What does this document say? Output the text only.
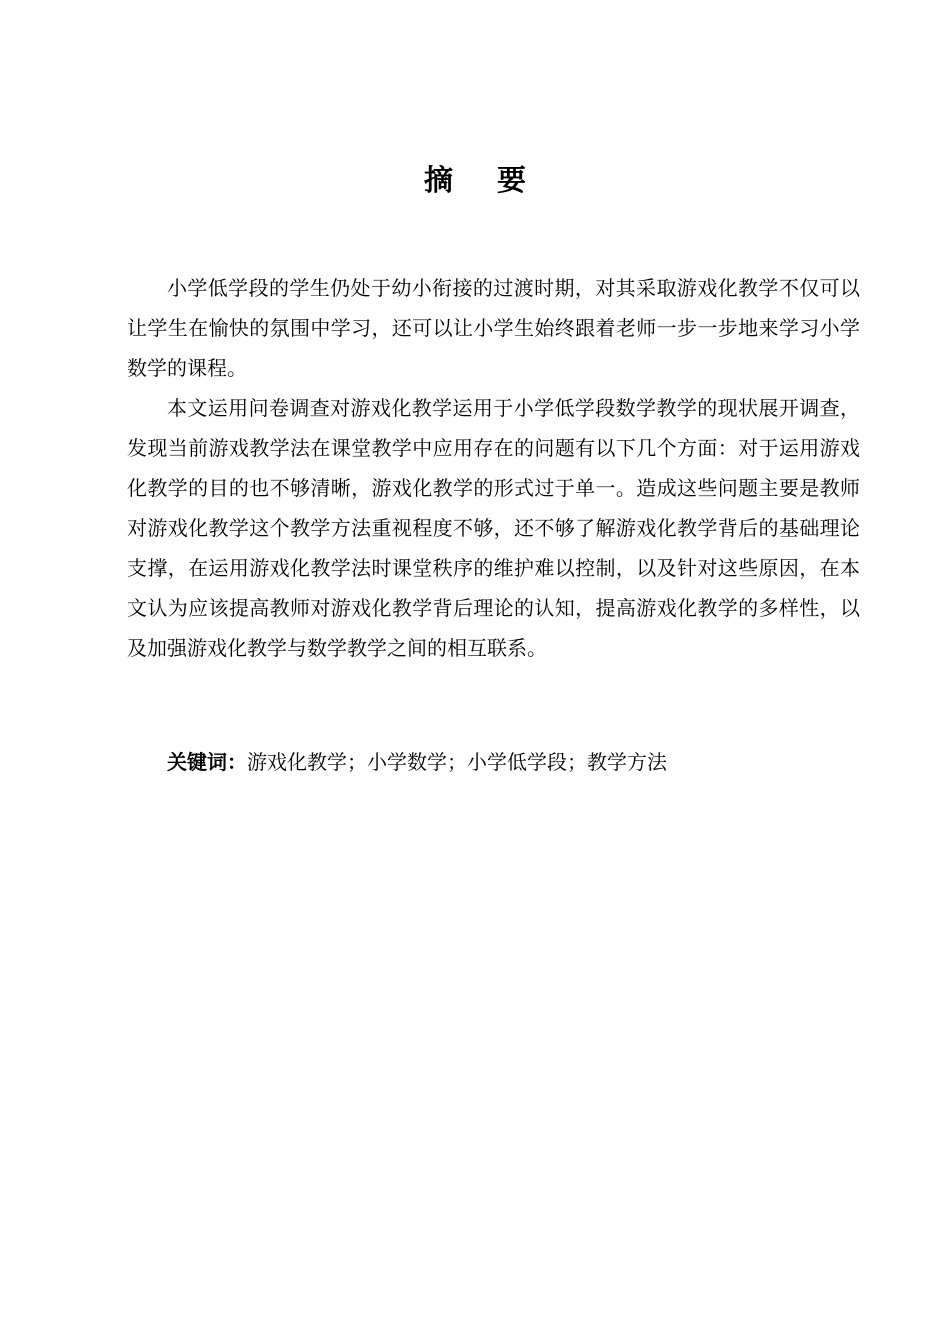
摘要

小学低学段的学生仍处于幼小衔接的过渡时期，对其采取游戏化教学不仅可以让学生在愉快的氛围中学习，还可以让小学生始终跟着老师一步一步地来学习小学数学的课程。

本文运用问卷调查对游戏化教学运用于小学低学段数学教学的现状展开调查，发现当前游戏教学法在课堂教学中应用存在的问题有以下几个方面：对于运用游戏化教学的目的也不够清晰，游戏化教学的形式过于单一。造成这些问题主要是教师对游戏化教学这个教学方法重视程度不够，还不够了解游戏化教学背后的基础理论支撑，在运用游戏化教学法时课堂秩序的维护难以控制，以及针对这些原因，在本文认为应该提高教师对游戏化教学背后理论的认知，提高游戏化教学的多样性，以及加强游戏化教学与数学教学之间的相互联系。

关键词：游戏化教学；小学数学；小学低学段；教学方法
